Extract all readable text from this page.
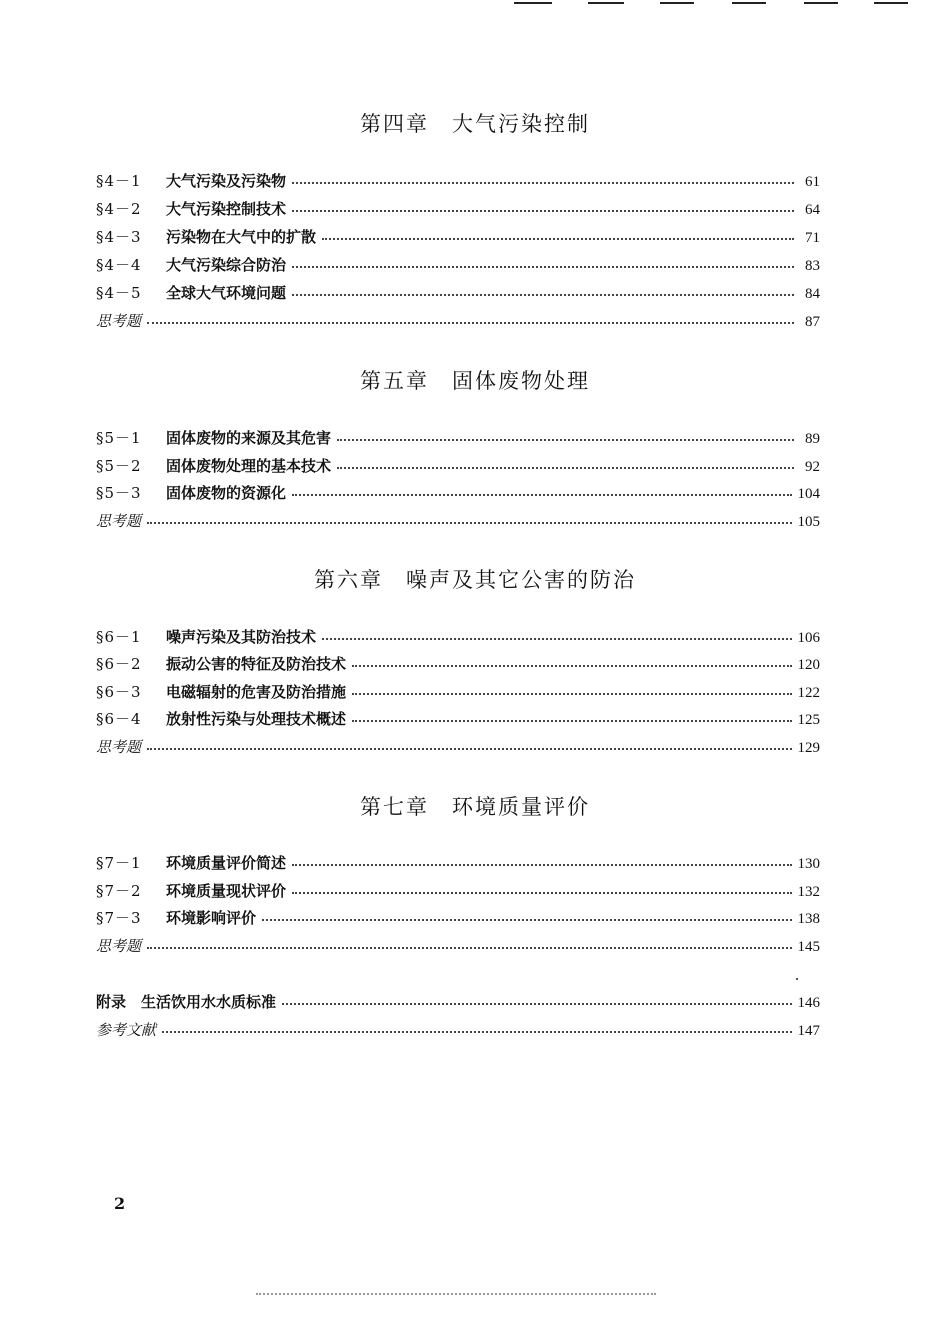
第四章　大气污染控制
§4－1	大气污染及污染物	61
§4－2	大气污染控制技术	64
§4－3	污染物在大气中的扩散	71
§4－4	大气污染综合防治	83
§4－5	全球大气环境问题	84
思考题	87
第五章　固体废物处理
§5－1	固体废物的来源及其危害	89
§5－2	固体废物处理的基本技术	92
§5－3	固体废物的资源化	104
思考题	105
第六章　噪声及其它公害的防治
§6－1	噪声污染及其防治技术	106
§6－2	振动公害的特征及防治技术	120
§6－3	电磁辐射的危害及防治措施	122
§6－4	放射性污染与处理技术概述	125
思考题	129
第七章　环境质量评价
§7－1	环境质量评价简述	130
§7－2	环境质量现状评价	132
§7－3	环境影响评价	138
思考题	145
附录　生活饮用水水质标准	146
参考文献	147
2
